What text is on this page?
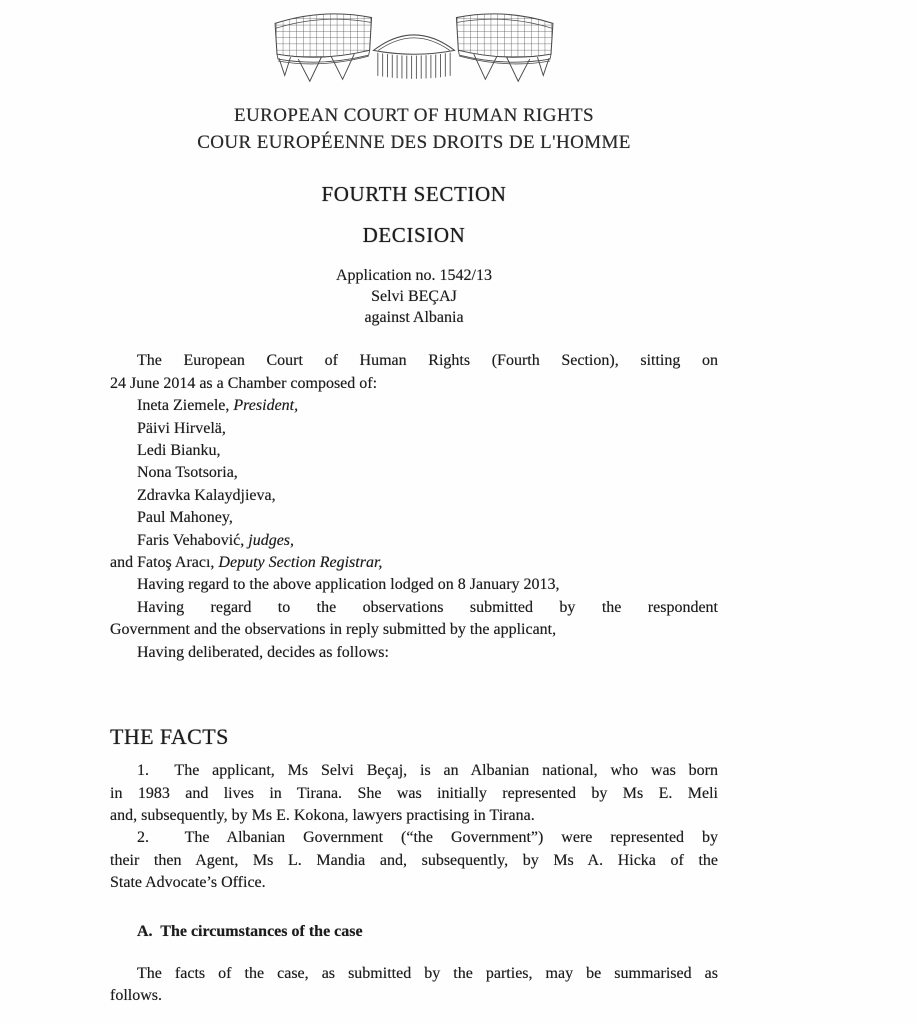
EUROPEAN COURT OF HUMAN RIGHTS
COUR EUROPÉENNE DES DROITS DE L'HOMME
FOURTH SECTION
DECISION
Application no. 1542/13
Selvi BEÇAJ
against Albania
The European Court of Human Rights (Fourth Section), sitting on
24 June 2014 as a Chamber composed of:
Ineta Ziemele, President,
Päivi Hirvelä,
Ledi Bianku,
Nona Tsotsoria,
Zdravka Kalaydjieva,
Paul Mahoney,
Faris Vehabović, judges,
and Fatoş Aracı, Deputy Section Registrar,
Having regard to the above application lodged on 8 January 2013,
Having regard to the observations submitted by the respondent
Government and the observations in reply submitted by the applicant,
Having deliberated, decides as follows:
THE FACTS
1.  The applicant, Ms Selvi Beçaj, is an Albanian national, who was born
in 1983 and lives in Tirana. She was initially represented by Ms E. Meli
and, subsequently, by Ms E. Kokona, lawyers practising in Tirana.
2.  The Albanian Government (“the Government”) were represented by
their then Agent, Ms L. Mandia and, subsequently, by Ms A. Hicka of the
State Advocate’s Office.
A.  The circumstances of the case
The facts of the case, as submitted by the parties, may be summarised as
follows.
